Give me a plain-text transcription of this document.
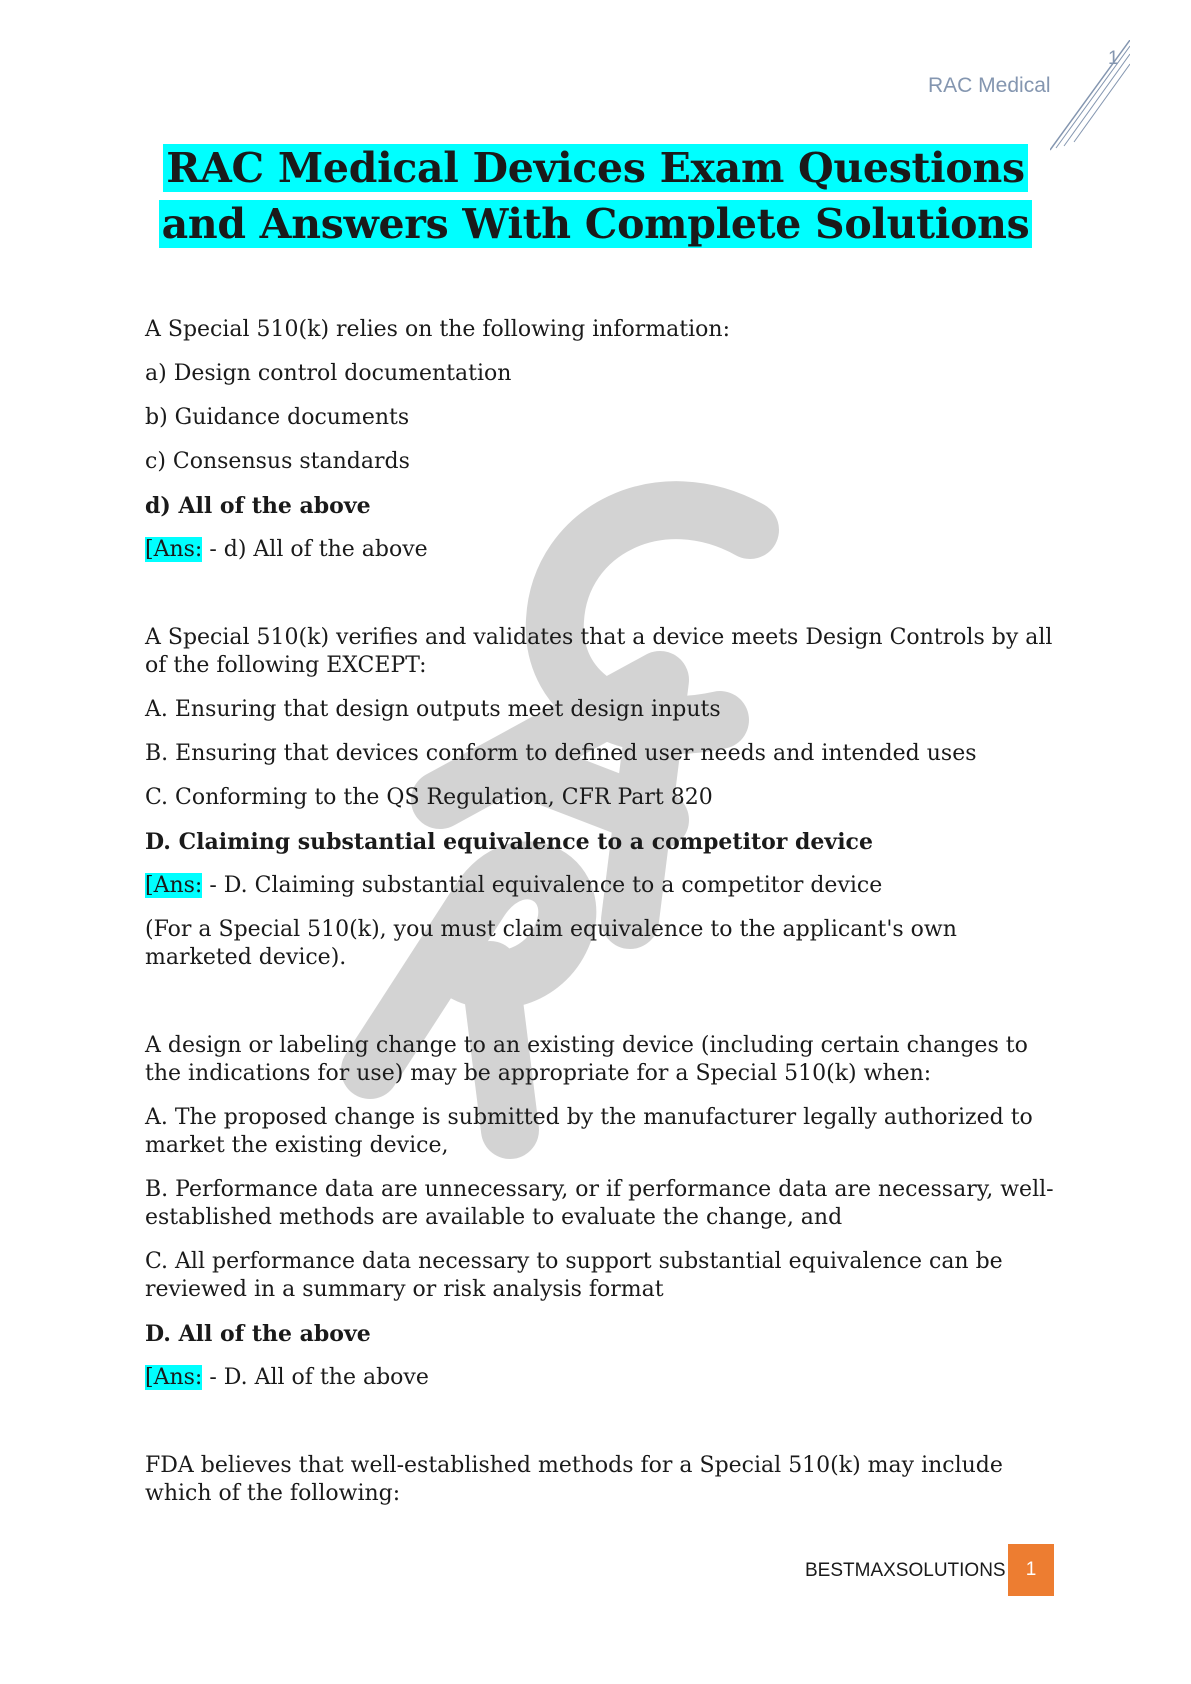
1
RAC Medical
RAC Medical Devices Exam Questions
and Answers With Complete Solutions

A Special 510(k) relies on the following information:

a) Design control documentation

b) Guidance documents

c) Consensus standards

d) All of the above

[Ans: - d) All of the above

A Special 510(k) verifies and validates that a device meets Design Controls by all of the following EXCEPT:

A. Ensuring that design outputs meet design inputs

B. Ensuring that devices conform to defined user needs and intended uses

C. Conforming to the QS Regulation, CFR Part 820

D. Claiming substantial equivalence to a competitor device

[Ans: - D. Claiming substantial equivalence to a competitor device

(For a Special 510(k), you must claim equivalence to the applicant's own marketed device).

A design or labeling change to an existing device (including certain changes to the indications for use) may be appropriate for a Special 510(k) when:

A. The proposed change is submitted by the manufacturer legally authorized to market the existing device,

B. Performance data are unnecessary, or if performance data are necessary, well-established methods are available to evaluate the change, and

C. All performance data necessary to support substantial equivalence can be reviewed in a summary or risk analysis format

D. All of the above

[Ans: - D. All of the above

FDA believes that well-established methods for a Special 510(k) may include which of the following:

BESTMAXSOLUTIONS	1
